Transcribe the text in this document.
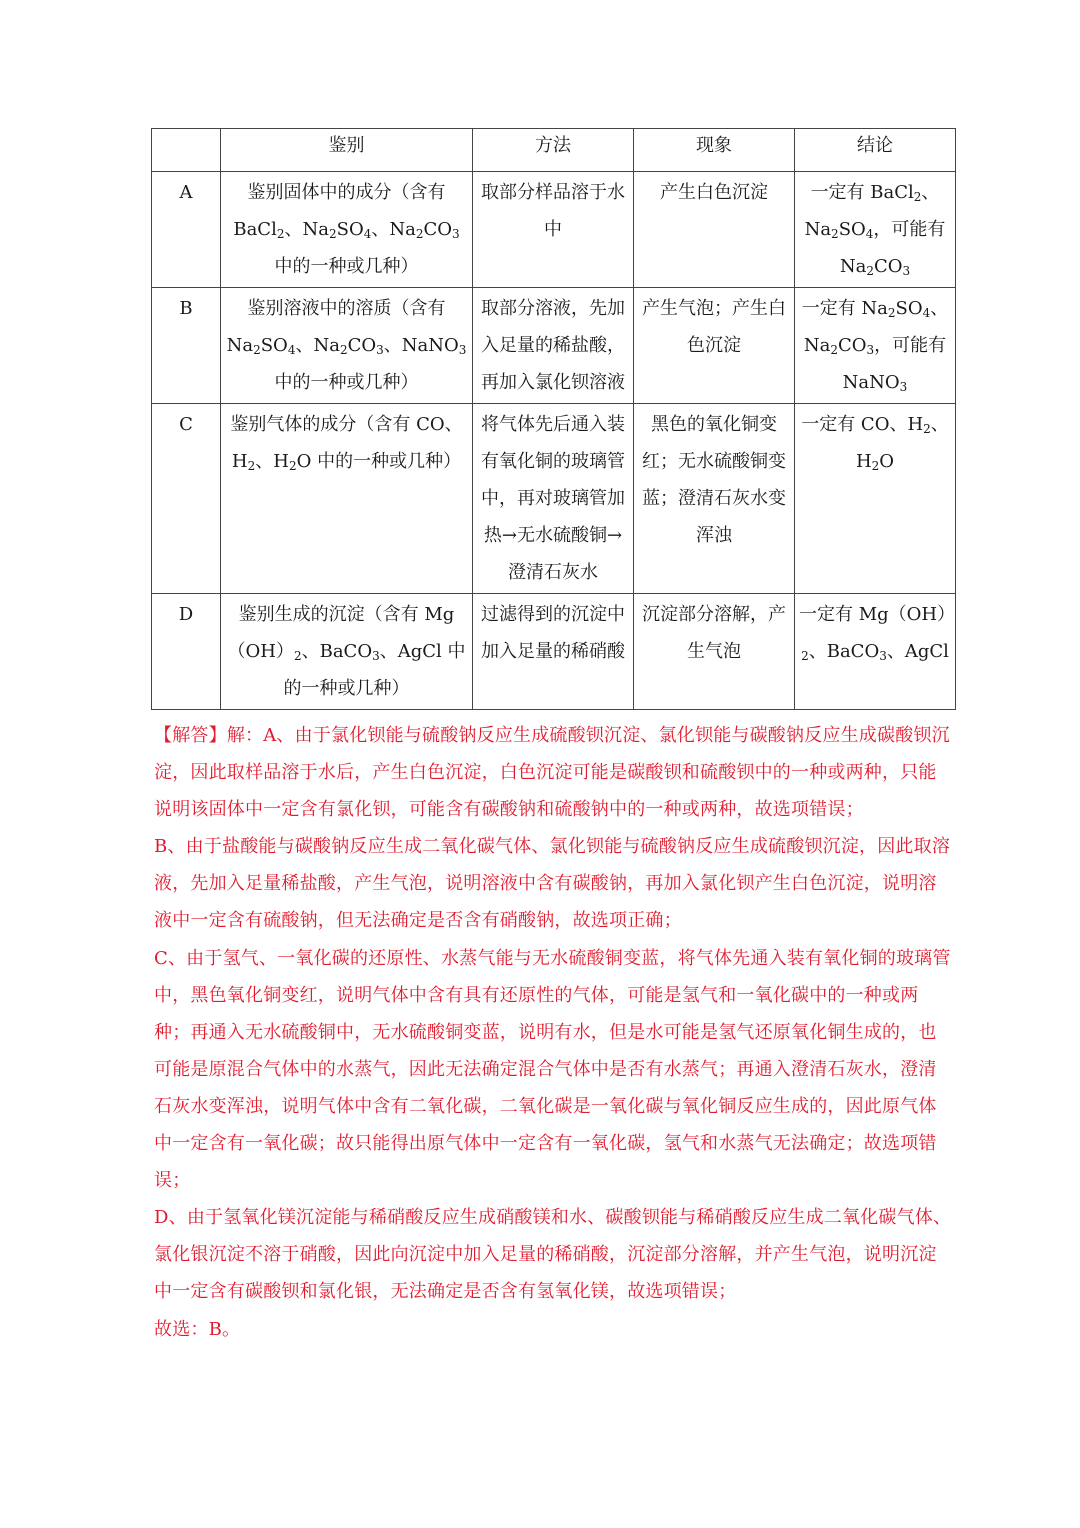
	鉴别	方法	现象	结论
A	鉴别固体中的成分（含有 BaCl$_2$、$Na_2SO_4$、$Na_2CO_3$ 中的一种或几种）	取部分样品溶于水中	产生白色沉淀	一定有 BaCl$_2$、$Na_2SO_4$，可能有 $Na_2CO_3$
B	鉴别溶液中的溶质（含有 $Na_2SO_4$、$Na_2CO_3$、NaNO$_3$ 中的一种或几种）	取部分溶液，先加入足量的稀盐酸，再加入氯化钡溶液	产生气泡；产生白色沉淀	一定有 $Na_2SO_4$、$Na_2CO_3$，可能有NaNO$_3$
C	鉴别气体的成分（含有 CO、$H_2$、$H_2O$ 中的一种或几种）	将气体先后通入装有氧化铜的玻璃管中，再对玻璃管加热→无水硫酸铜→澄清石灰水	黑色的氧化铜变红；无水硫酸铜变蓝；澄清石灰水变浑浊	一定有 CO、$H_2$、$H_2O$
D	鉴别生成的沉淀（含有 $Mg(OH)_2$、BaCO$_3$、AgCl 中的一种或几种）	过滤得到的沉淀中加入足量的稀硝酸	沉淀部分溶解，产生气泡	一定有 $Mg(OH)_2$、BaCO$_3$、AgCl

【解答】解：A、由于氯化钡能与硫酸钠反应生成硫酸钡沉淀、氯化钡能与碳酸钠反应生成碳酸钡沉淀，因此取样品溶于水后，产生白色沉淀，白色沉淀可能是碳酸钡和硫酸钡中的一种或两种，只能说明该固体中一定含有氯化钡，可能含有碳酸钠和硫酸钠中的一种或两种，故选项错误；

B、由于盐酸能与碳酸钠反应生成二氧化碳气体、氯化钡能与硫酸钠反应生成硫酸钡沉淀，因此取溶液，先加入足量稀盐酸，产生气泡，说明溶液中含有碳酸钠，再加入氯化钡产生白色沉淀，说明溶液中一定含有硫酸钠，但无法确定是否含有硝酸钠，故选项正确；

C、由于氢气、一氧化碳的还原性、水蒸气能与无水硫酸铜变蓝，将气体先通入装有氧化铜的玻璃管中，黑色氧化铜变红，说明气体中含有具有还原性的气体，可能是氢气和一氧化碳中的一种或两种；再通入无水硫酸铜中，无水硫酸铜变蓝，说明有水，但是水可能是氢气还原氧化铜生成的，也可能是原混合气体中的水蒸气，因此无法确定混合气体中是否有水蒸气；再通入澄清石灰水，澄清石灰水变浑浊，说明气体中含有二氧化碳，二氧化碳是一氧化碳与氧化铜反应生成的，因此原气体中一定含有一氧化碳；故只能得出原气体中一定含有一氧化碳，氢气和水蒸气无法确定；故选项错误；

D、由于氢氧化镁沉淀能与稀硝酸反应生成硝酸镁和水、碳酸钡能与稀硝酸反应生成二氧化碳气体、氯化银沉淀不溶于硝酸，因此向沉淀中加入足量的稀硝酸，沉淀部分溶解，并产生气泡，说明沉淀中一定含有碳酸钡和氯化银，无法确定是否含有氢氧化镁，故选项错误；

故选：B。
